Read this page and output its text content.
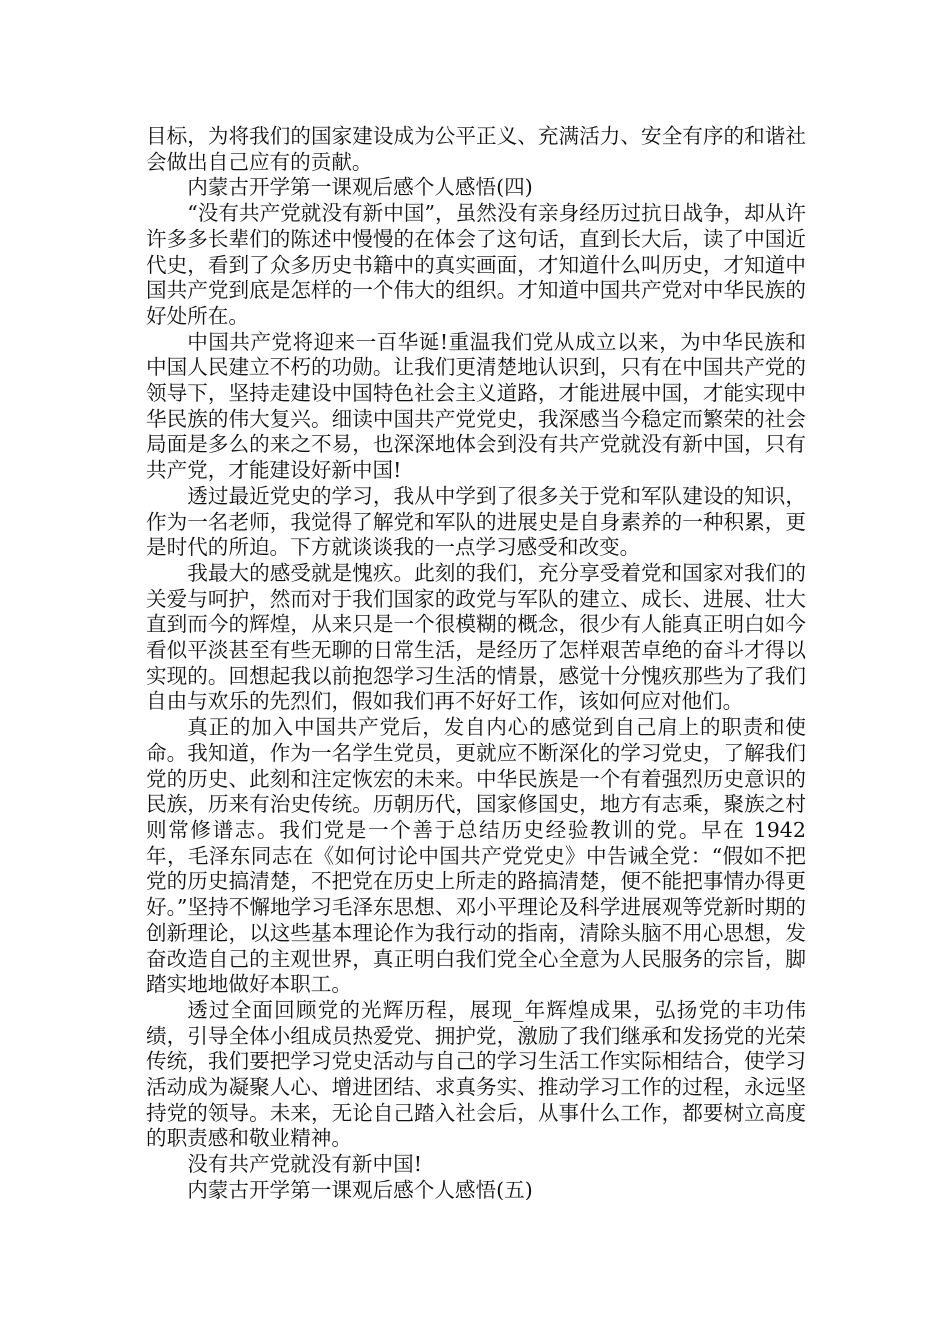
目标，为将我们的国家建设成为公平正义、充满活力、安全有序的和谐社会做出自己应有的贡献。

内蒙古开学第一课观后感个人感悟(四)

“没有共产党就没有新中国”，虽然没有亲身经历过抗日战争，却从许许多多长辈们的陈述中慢慢的在体会了这句话，直到长大后，读了中国近代史，看到了众多历史书籍中的真实画面，才知道什么叫历史，才知道中国共产党到底是怎样的一个伟大的组织。才知道中国共产党对中华民族的好处所在。

中国共产党将迎来一百华诞!重温我们党从成立以来，为中华民族和中国人民建立不朽的功勋。让我们更清楚地认识到，只有在中国共产党的领导下，坚持走建设中国特色社会主义道路，才能进展中国，才能实现中华民族的伟大复兴。细读中国共产党党史，我深感当今稳定而繁荣的社会局面是多么的来之不易，也深深地体会到没有共产党就没有新中国，只有共产党，才能建设好新中国!

透过最近党史的学习，我从中学到了很多关于党和军队建设的知识，作为一名老师，我觉得了解党和军队的进展史是自身素养的一种积累，更是时代的所迫。下方就谈谈我的一点学习感受和改变。

我最大的感受就是愧疚。此刻的我们，充分享受着党和国家对我们的关爱与呵护，然而对于我们国家的政党与军队的建立、成长、进展、壮大直到而今的辉煌，从来只是一个很模糊的概念，很少有人能真正明白如今看似平淡甚至有些无聊的日常生活，是经历了怎样艰苦卓绝的奋斗才得以实现的。回想起我以前抱怨学习生活的情景，感觉十分愧疚那些为了我们自由与欢乐的先烈们，假如我们再不好好工作，该如何应对他们。

真正的加入中国共产党后，发自内心的感觉到自己肩上的职责和使命。我知道，作为一名学生党员，更就应不断深化的学习党史，了解我们党的历史、此刻和注定恢宏的未来。中华民族是一个有着强烈历史意识的民族，历来有治史传统。历朝历代，国家修国史，地方有志乘，聚族之村则常修谱志。我们党是一个善于总结历史经验教训的党。早在 1942 年，毛泽东同志在《如何讨论中国共产党党史》中告诫全党：“假如不把党的历史搞清楚，不把党在历史上所走的路搞清楚，便不能把事情办得更好。”坚持不懈地学习毛泽东思想、邓小平理论及科学进展观等党新时期的创新理论，以这些基本理论作为我行动的指南，清除头脑不用心思想，发奋改造自己的主观世界，真正明白我们党全心全意为人民服务的宗旨，脚踏实地地做好本职工。

透过全面回顾党的光辉历程，展现_年辉煌成果，弘扬党的丰功伟绩，引导全体小组成员热爱党、拥护党，激励了我们继承和发扬党的光荣传统，我们要把学习党史活动与自己的学习生活工作实际相结合，使学习活动成为凝聚人心、增进团结、求真务实、推动学习工作的过程，永远坚持党的领导。未来，无论自己踏入社会后，从事什么工作，都要树立高度的职责感和敬业精神。

没有共产党就没有新中国!

内蒙古开学第一课观后感个人感悟(五)
